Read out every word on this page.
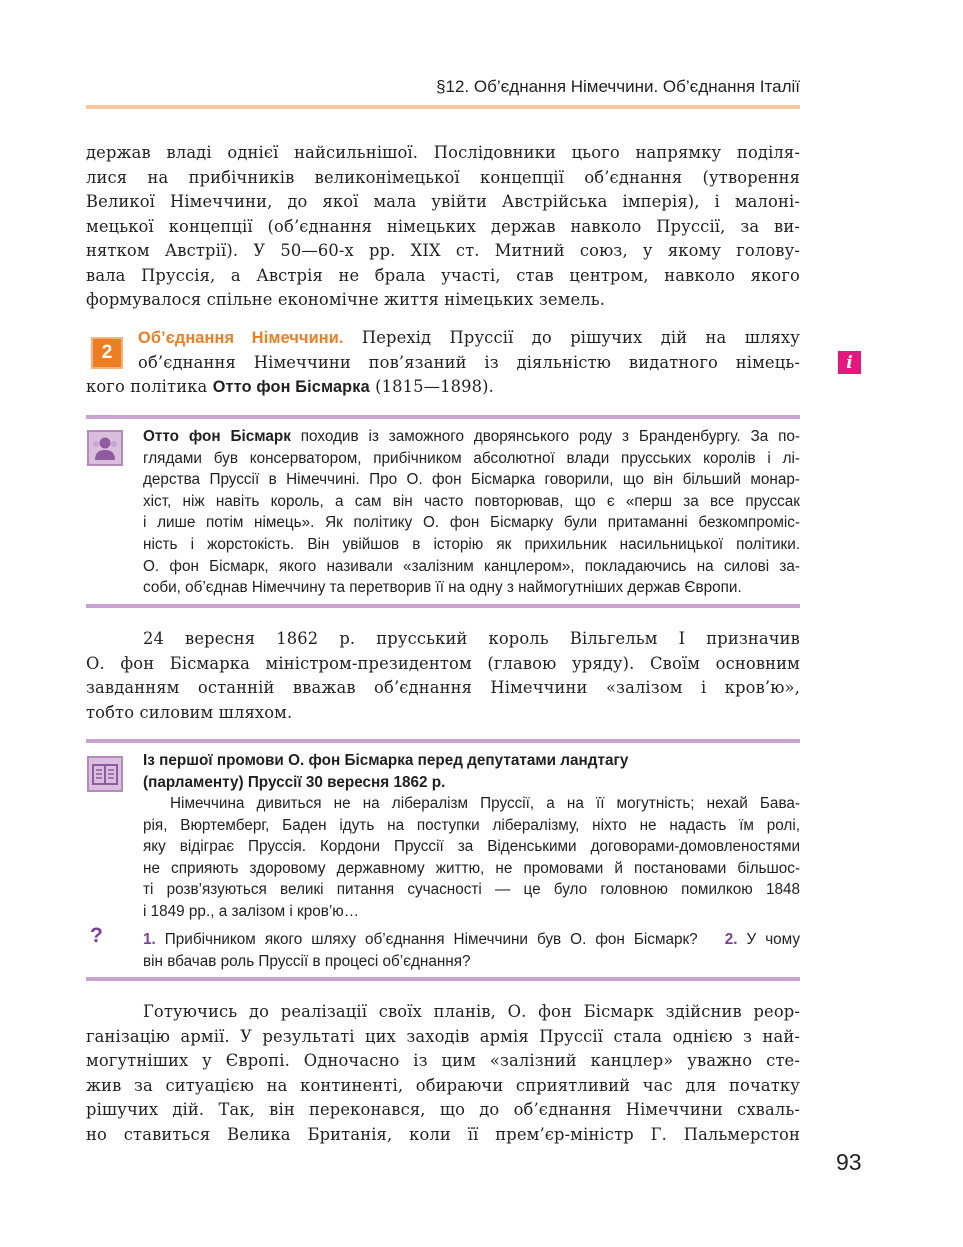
§12. Об’єднання Німеччини. Об’єднання Італії
держав владі однієї найсильнішої. Послідовники цього напрямку поділя-
лися на прибічників великонімецької концепції об’єднання (утворення
Великої Німеччини, до якої мала увійти Австрійська імперія), і малоні-
мецької концепції (об’єднання німецьких держав навколо Пруссії, за ви-
нятком Австрії). У 50—60-х рр. XIX ст. Митний союз, у якому голову-
вала Пруссія, а Австрія не брала участі, став центром, навколо якого
формувалося спільне економічне життя німецьких земель.
2
Об’єднання Німеччини. Перехід Пруссії до рішучих дій на шляху
об’єднання Німеччини пов’язаний із діяльністю видатного німець-
кого політика Отто фон Бісмарка (1815—1898).
i
Отто фон Бісмарк походив із заможного дворянського роду з Бранденбургу. За по-
глядами був консерватором, прибічником абсолютної влади прусських королів і лі-
дерства Пруссії в Німеччині. Про О. фон Бісмарка говорили, що він більший монар-
хіст, ніж навіть король, а сам він часто повторював, що є «перш за все пруссак
і лише потім німець». Як політику О. фон Бісмарку були притаманні безкомпроміс-
ність і жорстокість. Він увійшов в історію як прихильник насильницької політики.
О. фон Бісмарк, якого називали «залізним канцлером», покладаючись на силові за-
соби, об’єднав Німеччину та перетворив її на одну з наймогутніших держав Європи.
24 вересня 1862 р. прусський король Вільгельм I призначив
О. фон Бісмарка міністром-президентом (главою уряду). Своїм основним
завданням останній вважав об’єднання Німеччини «залізом і кров’ю»,
тобто силовим шляхом.
Із першої промови О. фон Бісмарка перед депутатами ландтагу
(парламенту) Пруссії 30 вересня 1862 р.
Німеччина дивиться не на лібералізм Пруссії, а на її могутність; нехай Бава-
рія, Вюртемберг, Баден ідуть на поступки лібералізму, ніхто не надасть їм ролі,
яку відіграє Пруссія. Кордони Пруссії за Віденськими договорами-домовленостями
не сприяють здоровому державному життю, не промовами й постановами більшос-
ті розв’язуються великі питання сучасності — це було головною помилкою 1848
і 1849 рр., а залізом і кров’ю…
?	1. Прибічником якого шляху об’єднання Німеччини був О. фон Бісмарк? 2. У чому
він вбачав роль Пруссії в процесі об’єднання?
Готуючись до реалізації своїх планів, О. фон Бісмарк здійснив реор-
ганізацію армії. У результаті цих заходів армія Пруссії стала однією з най-
могутніших у Європі. Одночасно із цим «залізний канцлер» уважно сте-
жив за ситуацією на континенті, обираючи сприятливий час для початку
рішучих дій. Так, він переконався, що до об’єднання Німеччини схваль-
но ставиться Велика Британія, коли її прем’єр-міністр Г. Пальмерстон
93
